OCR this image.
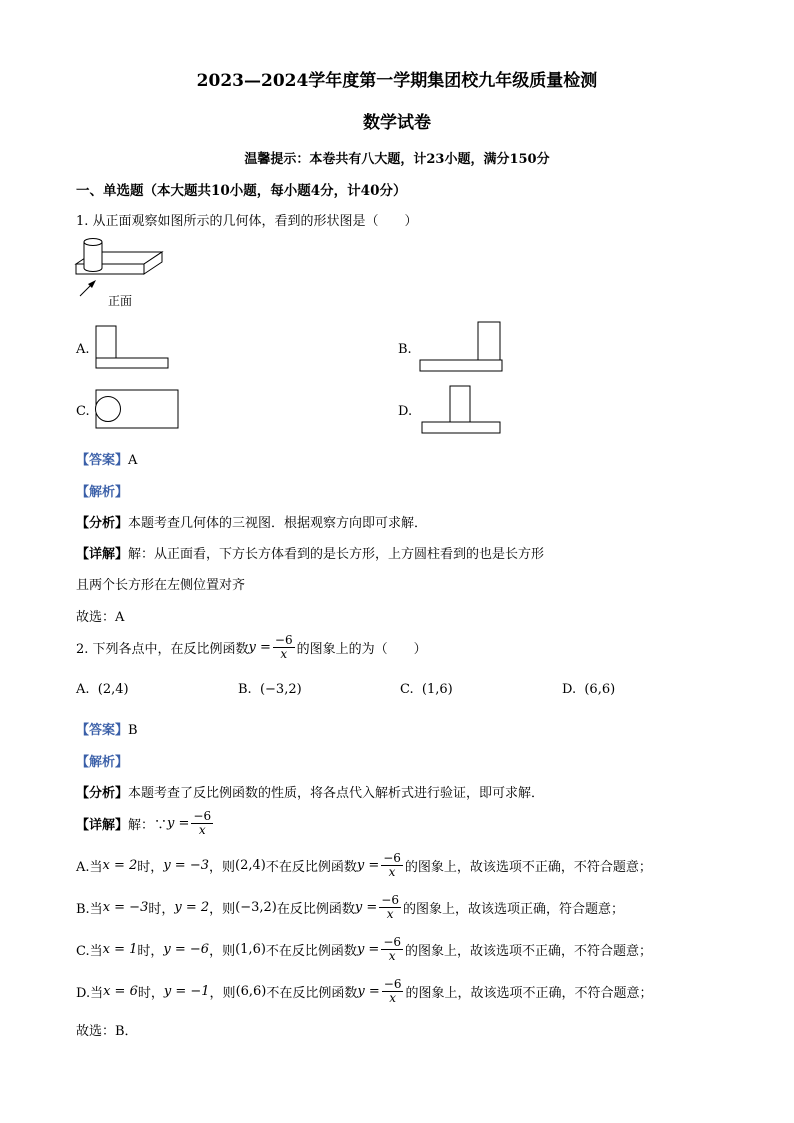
2023—2024学年度第一学期集团校九年级质量检测
数学试卷
温馨提示：本卷共有八大题，计23小题，满分150分
一、单选题（本大题共10小题，每小题4分，计40分）
1. 从正面观察如图所示的几何体，看到的形状图是（　　）
正面
A.	B.
C.	D.
【答案】A
【解析】
【分析】本题考查几何体的三视图．根据观察方向即可求解．
【详解】解：从正面看，下方长方体看到的是长方形，上方圆柱看到的也是长方形
且两个长方形在左侧位置对齐
故选：A
2. 下列各点中，在反比例函数$y = \frac{-6}{x}$ 的图象上的为（　　）
A. (2,4)	B. (−3,2)	C. (1,6)	D. (6,6)
【答案】B
【解析】
【分析】本题考查了反比例函数的性质，将各点代入解析式进行验证，即可求解．
【详解】解：∵y = $\frac{-6}{x}$
A.当x = 2时，y = −3，则(2,4)不在反比例函数$y = \frac{-6}{x}$ 的图象上，故该选项不正确，不符合题意；
B.当x = −3时，y = 2，则(−3,2)在反比例函数$y = \frac{-6}{x}$ 的图象上，故该选项正确，符合题意；
C.当x = 1时，y = −6，则(1,6)不在反比例函数$y = \frac{-6}{x}$ 的图象上，故该选项不正确，不符合题意；
D.当x = 6时，y = −1，则(6,6)不在反比例函数$y = \frac{-6}{x}$ 的图象上，故该选项不正确，不符合题意；
故选：B．
